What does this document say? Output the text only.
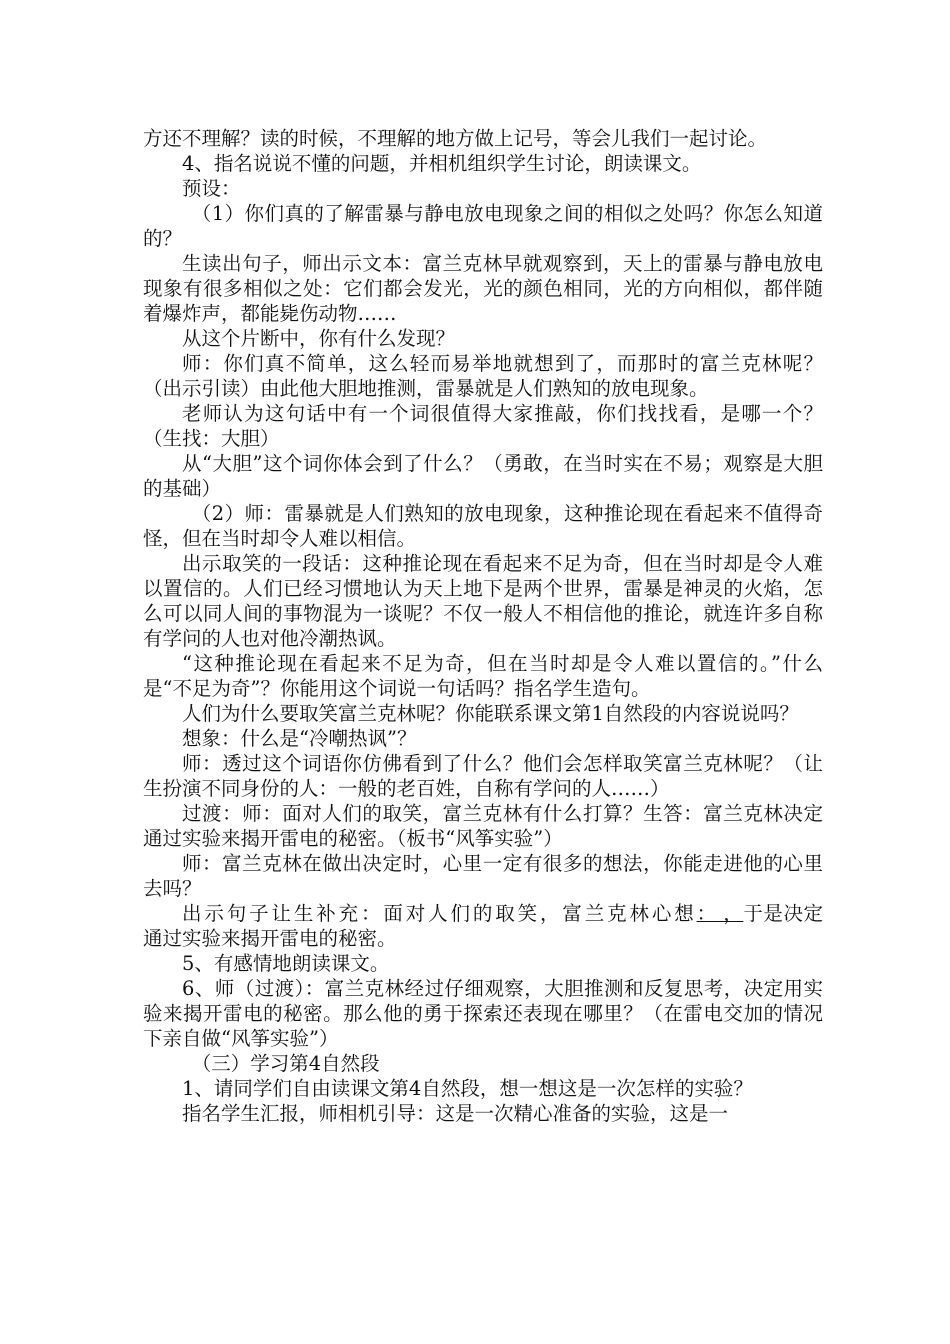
方还不理解？读的时候，不理解的地方做上记号，等会儿我们一起讨论。

4、指名说说不懂的问题，并相机组织学生讨论，朗读课文。

预设：

（1）你们真的了解雷暴与静电放电现象之间的相似之处吗？你怎么知道的？

生读出句子，师出示文本：富兰克林早就观察到，天上的雷暴与静电放电现象有很多相似之处：它们都会发光，光的颜色相同，光的方向相似，都伴随着爆炸声，都能毙伤动物……

从这个片断中，你有什么发现？

师：你们真不简单，这么轻而易举地就想到了，而那时的富兰克林呢？（出示引读）由此他大胆地推测，雷暴就是人们熟知的放电现象。

老师认为这句话中有一个词很值得大家推敲，你们找找看，是哪一个？（生找：大胆）

从“大胆”这个词你体会到了什么？（勇敢，在当时实在不易；观察是大胆的基础）

（2）师：雷暴就是人们熟知的放电现象，这种推论现在看起来不值得奇怪，但在当时却令人难以相信。

出示取笑的一段话：这种推论现在看起来不足为奇，但在当时却是令人难以置信的。人们已经习惯地认为天上地下是两个世界，雷暴是神灵的火焰，怎么可以同人间的事物混为一谈呢？不仅一般人不相信他的推论，就连许多自称有学问的人也对他冷潮热讽。

“这种推论现在看起来不足为奇，但在当时却是令人难以置信的。”什么是“不足为奇”？你能用这个词说一句话吗？指名学生造句。

人们为什么要取笑富兰克林呢？你能联系课文第1自然段的内容说说吗？

想象：什么是“冷嘲热讽”？

师：透过这个词语你仿佛看到了什么？他们会怎样取笑富兰克林呢？（让生扮演不同身份的人：一般的老百姓，自称有学问的人……）

过渡：师：面对人们的取笑，富兰克林有什么打算？生答：富兰克林决定通过实验来揭开雷电的秘密。（板书“风筝实验”）

师：富兰克林在做出决定时，心里一定有很多的想法，你能走进他的心里去吗？

出示句子让生补充：面对人们的取笑，富兰克林心想： ，于是决定通过实验来揭开雷电的秘密。

5、有感情地朗读课文。

6、师（过渡）：富兰克林经过仔细观察，大胆推测和反复思考，决定用实验来揭开雷电的秘密。那么他的勇于探索还表现在哪里？（在雷电交加的情况下亲自做“风筝实验”）

（三）学习第4自然段

1、请同学们自由读课文第4自然段，想一想这是一次怎样的实验？

指名学生汇报，师相机引导：这是一次精心准备的实验，这是一
